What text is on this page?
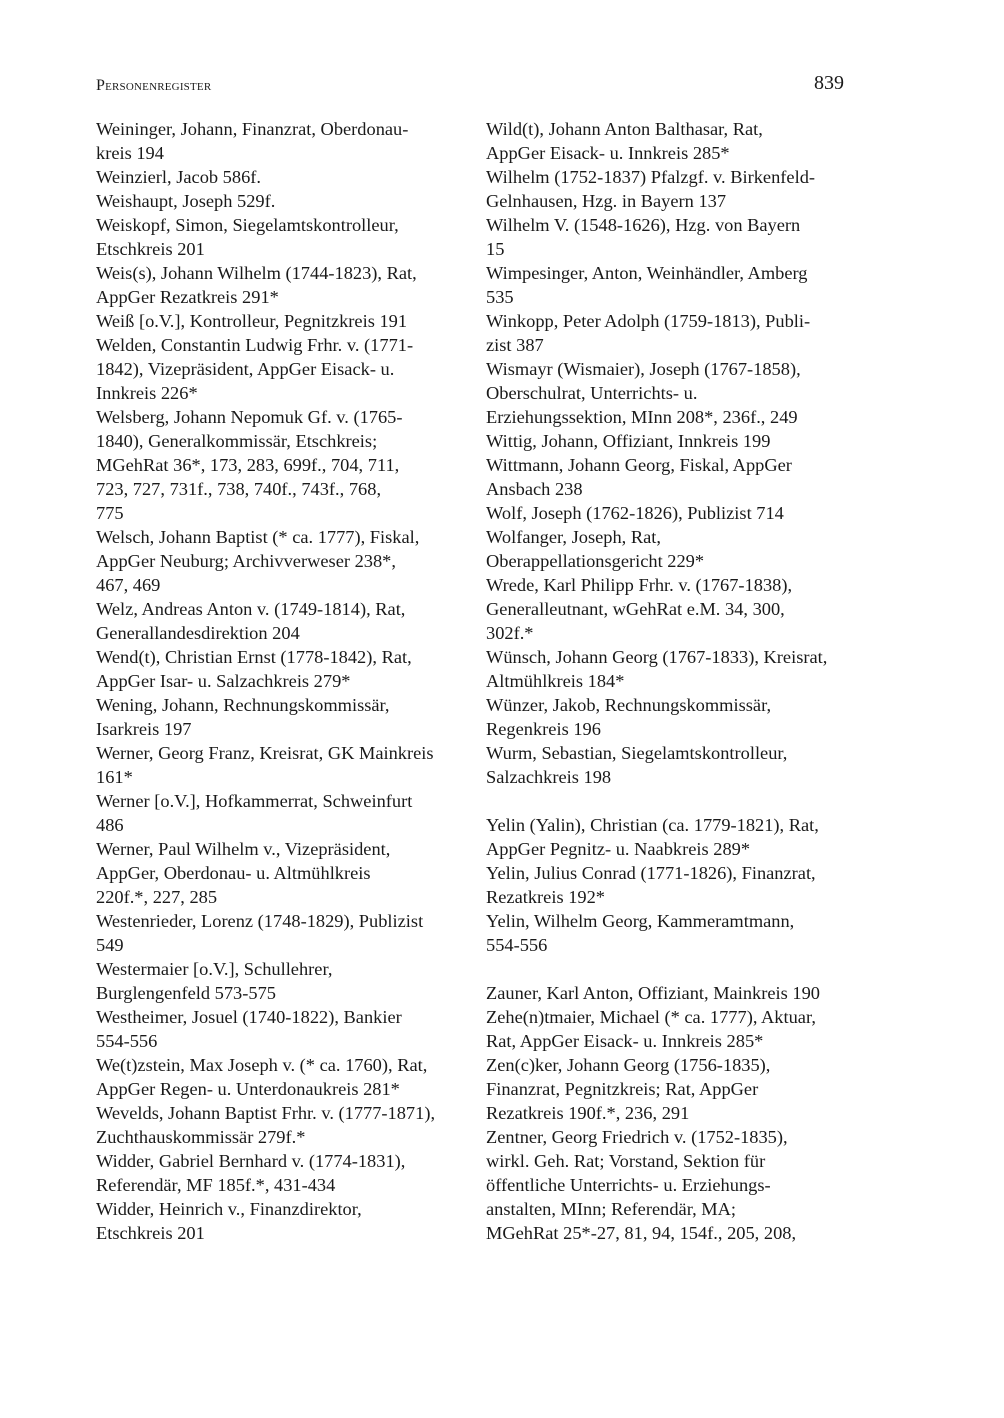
Personenregister	839

Weininger, Johann, Finanzrat, Oberdonau-
kreis 194

Weinzierl, Jacob 586f.

Weishaupt, Joseph 529f.

Weiskopf, Simon, Siegelamtskontrolleur,
Etschkreis 201

Weis(s), Johann Wilhelm (1744-1823), Rat,
AppGer Rezatkreis 291*

Weiß [o.V.], Kontrolleur, Pegnitzkreis 191

Welden, Constantin Ludwig Frhr. v. (1771-
1842), Vizepräsident, AppGer Eisack- u.
Innkreis 226*

Welsberg, Johann Nepomuk Gf. v. (1765-
1840), Generalkommissär, Etschkreis;
MGehRat 36*, 173, 283, 699f., 704, 711,
723, 727, 731f., 738, 740f., 743f., 768,
775

Welsch, Johann Baptist (* ca. 1777), Fiskal,
AppGer Neuburg; Archivverweser 238*,
467, 469

Welz, Andreas Anton v. (1749-1814), Rat,
Generallandesdirektion 204

Wend(t), Christian Ernst (1778-1842), Rat,
AppGer Isar- u. Salzachkreis 279*

Wening, Johann, Rechnungskommissär,
Isarkreis 197

Werner, Georg Franz, Kreisrat, GK Mainkreis
161*

Werner [o.V.], Hofkammerrat, Schweinfurt
486

Werner, Paul Wilhelm v., Vizepräsident,
AppGer, Oberdonau- u. Altmühlkreis
220f.*, 227, 285

Westenrieder, Lorenz (1748-1829), Publizist
549

Westermaier [o.V.], Schullehrer,
Burglengenfeld 573-575

Westheimer, Josuel (1740-1822), Bankier
554-556

We(t)zstein, Max Joseph v. (* ca. 1760), Rat,
AppGer Regen- u. Unterdonaukreis 281*

Wevelds, Johann Baptist Frhr. v. (1777-1871),
Zuchthauskommissär 279f.*

Widder, Gabriel Bernhard v. (1774-1831),
Referendär, MF 185f.*, 431-434

Widder, Heinrich v., Finanzdirektor,
Etschkreis 201

Wild(t), Johann Anton Balthasar, Rat,
AppGer Eisack- u. Innkreis 285*

Wilhelm (1752-1837) Pfalzgf. v. Birkenfeld-
Gelnhausen, Hzg. in Bayern 137

Wilhelm V. (1548-1626), Hzg. von Bayern
15

Wimpesinger, Anton, Weinhändler, Amberg
535

Winkopp, Peter Adolph (1759-1813), Publi-
zist 387

Wismayr (Wismaier), Joseph (1767-1858),
Oberschulrat, Unterrichts- u.
Erziehungssektion, MInn 208*, 236f., 249

Wittig, Johann, Offiziant, Innkreis 199

Wittmann, Johann Georg, Fiskal, AppGer
Ansbach 238

Wolf, Joseph (1762-1826), Publizist 714

Wolfanger, Joseph, Rat,
Oberappellationsgericht 229*

Wrede, Karl Philipp Frhr. v. (1767-1838),
Generalleutnant, wGehRat e.M. 34, 300,
302f.*

Wünsch, Johann Georg (1767-1833), Kreisrat,
Altmühlkreis 184*

Wünzer, Jakob, Rechnungskommissär,
Regenkreis 196

Wurm, Sebastian, Siegelamtskontrolleur,
Salzachkreis 198

Yelin (Yalin), Christian (ca. 1779-1821), Rat,
AppGer Pegnitz- u. Naabkreis 289*

Yelin, Julius Conrad (1771-1826), Finanzrat,
Rezatkreis 192*

Yelin, Wilhelm Georg, Kammeramtmann,
554-556

Zauner, Karl Anton, Offiziant, Mainkreis 190

Zehe(n)tmaier, Michael (* ca. 1777), Aktuar,
Rat, AppGer Eisack- u. Innkreis 285*

Zen(c)ker, Johann Georg (1756-1835),
Finanzrat, Pegnitzkreis; Rat, AppGer
Rezatkreis 190f.*, 236, 291

Zentner, Georg Friedrich v. (1752-1835),
wirkl. Geh. Rat; Vorstand, Sektion für
öffentliche Unterrichts- u. Erziehungs-
anstalten, MInn; Referendär, MA;
MGehRat 25*-27, 81, 94, 154f., 205, 208,
